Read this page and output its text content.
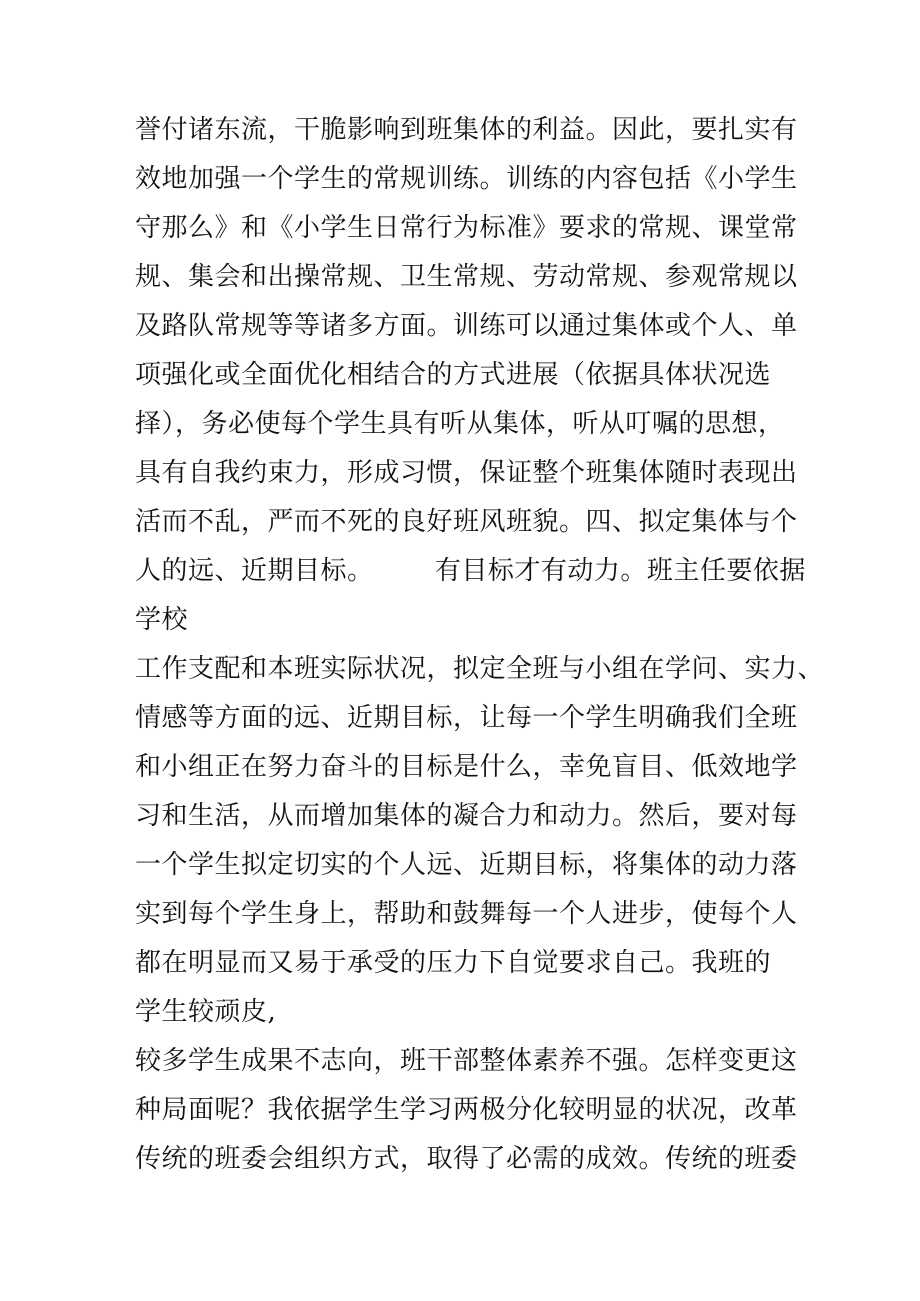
誉付诸东流，干脆影响到班集体的利益。因此，要扎实有
效地加强一个学生的常规训练。训练的内容包括《小学生
守那么》和《小学生日常行为标准》要求的常规、课堂常
规、集会和出操常规、卫生常规、劳动常规、参观常规以
及路队常规等等诸多方面。训练可以通过集体或个人、单
项强化或全面优化相结合的方式进展（依据具体状况选
择），务必使每个学生具有听从集体，听从叮嘱的思想，
具有自我约束力，形成习惯，保证整个班集体随时表现出
活而不乱，严而不死的良好班风班貌。四、拟定集体与个
人的远、近期目标。       有目标才有动力。班主任要依据
学校
工作支配和本班实际状况，拟定全班与小组在学问、实力、
情感等方面的远、近期目标，让每一个学生明确我们全班
和小组正在努力奋斗的目标是什么，幸免盲目、低效地学
习和生活，从而增加集体的凝合力和动力。然后，要对每
一个学生拟定切实的个人远、近期目标，将集体的动力落
实到每个学生身上，帮助和鼓舞每一个人进步，使每个人
都在明显而又易于承受的压力下自觉要求自己。我班的
学生较顽皮,
较多学生成果不志向，班干部整体素养不强。怎样变更这
种局面呢？我依据学生学习两极分化较明显的状况，改革
传统的班委会组织方式，取得了必需的成效。传统的班委
